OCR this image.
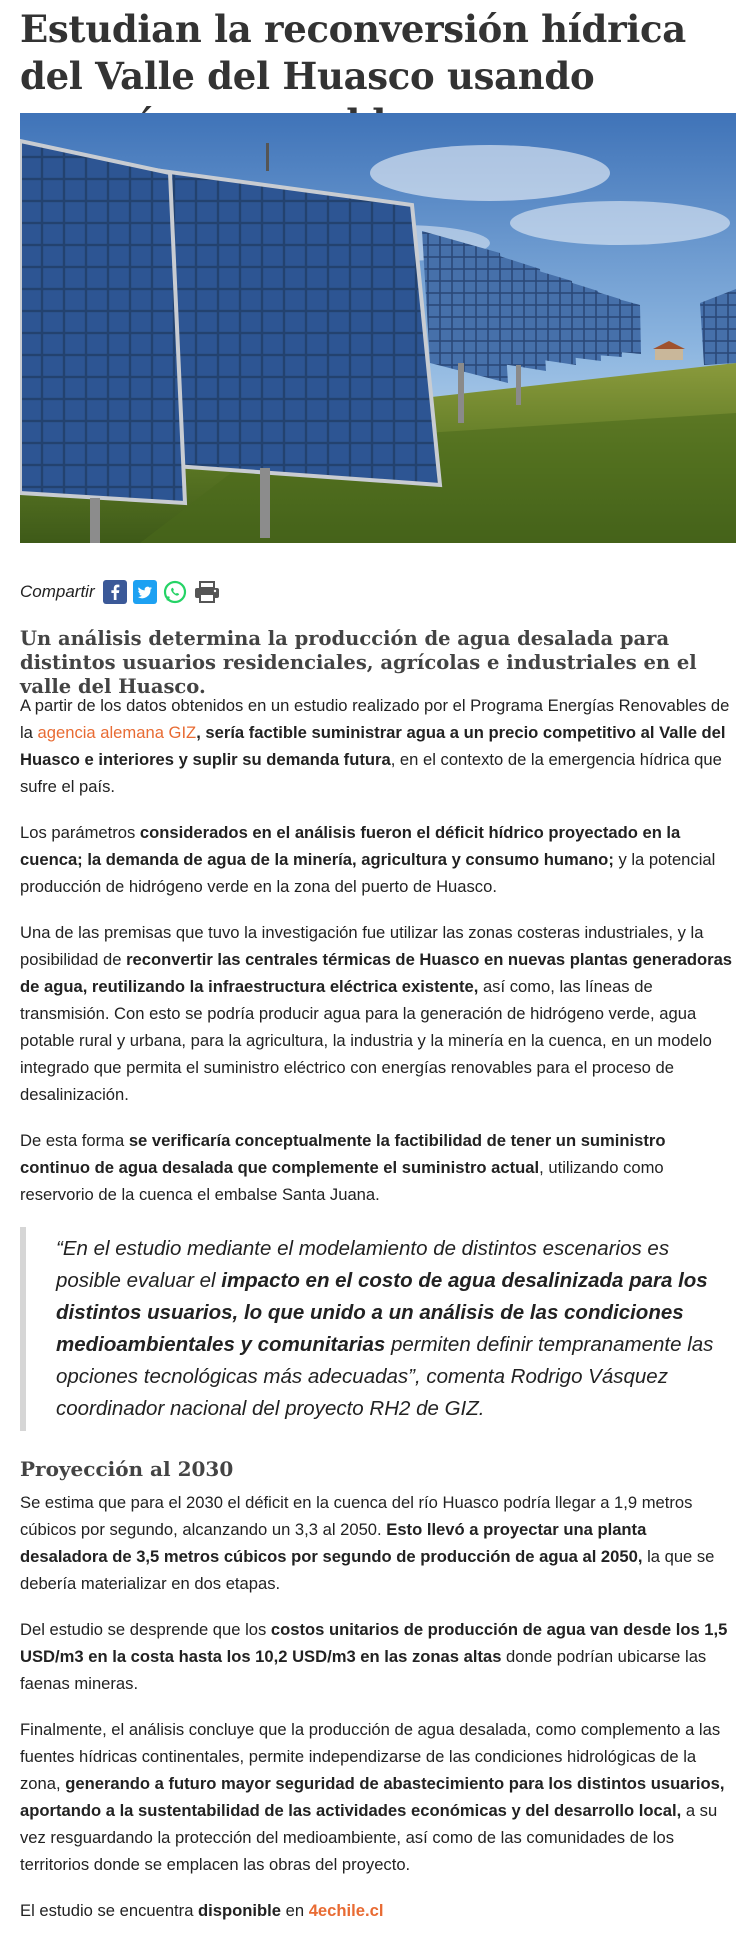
Estudian la reconversión hídrica del Valle del Huasco usando
Compartir
Un análisis determina la producción de agua desalada para distintos usuarios residenciales, agrícolas e industriales en el valle del Huasco.

A partir de los datos obtenidos en un estudio realizado por el Programa Energías Renovables de la agencia alemana GIZ, sería factible suministrar agua a un precio competitivo al Valle del Huasco e interiores y suplir su demanda futura, en el contexto de la emergencia hídrica que sufre el país.

Los parámetros considerados en el análisis fueron el déficit hídrico proyectado en la cuenca; la demanda de agua de la minería, agricultura y consumo humano; y la potencial producción de hidrógeno verde en la zona del puerto de Huasco.

Una de las premisas que tuvo la investigación fue utilizar las zonas costeras industriales, y la posibilidad de reconvertir las centrales térmicas de Huasco en nuevas plantas generadoras de agua, reutilizando la infraestructura eléctrica existente, así como, las líneas de transmisión. Con esto se podría producir agua para la generación de hidrógeno verde, agua potable rural y urbana, para la agricultura, la industria y la minería en la cuenca, en un modelo integrado que permita el suministro eléctrico con energías renovables para el proceso de desalinización.

De esta forma se verificaría conceptualmente la factibilidad de tener un suministro continuo de agua desalada que complemente el suministro actual, utilizando como reservorio de la cuenca el embalse Santa Juana.

“En el estudio mediante el modelamiento de distintos escenarios es posible evaluar el impacto en el costo de agua desalinizada para los distintos usuarios, lo que unido a un análisis de las condiciones medioambientales y comunitarias permiten definir tempranamente las opciones tecnológicas más adecuadas”, comenta Rodrigo Vásquez coordinador nacional del proyecto RH2 de GIZ.
Proyección al 2030

Se estima que para el 2030 el déficit en la cuenca del río Huasco podría llegar a 1,9 metros cúbicos por segundo, alcanzando un 3,3 al 2050. Esto llevó a proyectar una planta desaladora de 3,5 metros cúbicos por segundo de producción de agua al 2050, la que se debería materializar en dos etapas.

Del estudio se desprende que los costos unitarios de producción de agua van desde los 1,5 USD/m3 en la costa hasta los 10,2 USD/m3 en las zonas altas donde podrían ubicarse las faenas mineras.

Finalmente, el análisis concluye que la producción de agua desalada, como complemento a las fuentes hídricas continentales, permite independizarse de las condiciones hidrológicas de la zona, generando a futuro mayor seguridad de abastecimiento para los distintos usuarios, aportando a la sustentabilidad de las actividades económicas y del desarrollo local, a su vez resguardando la protección del medioambiente, así como de las comunidades de los territorios donde se emplacen las obras del proyecto.

El estudio se encuentra disponible en 4echile.cl
